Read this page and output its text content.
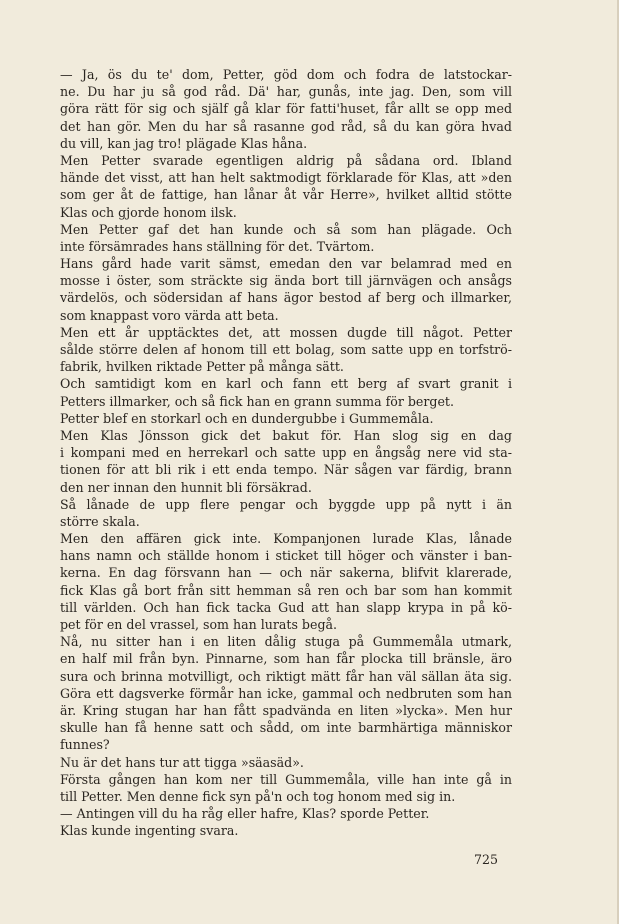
— Ja, ös du te' dom, Petter, göd dom och fodra de latstockar-
ne. Du har ju så god råd. Dä' har, gunås, inte jag. Den, som vill
göra rätt för sig och själf gå klar för fatti'huset, får allt se opp med
det han gör. Men du har så rasanne god råd, så du kan göra hvad
du vill, kan jag tro! plägade Klas håna.
Men Petter svarade egentligen aldrig på sådana ord. Ibland
hände det visst, att han helt saktmodigt förklarade för Klas, att »den
som ger åt de fattige, han lånar åt vår Herre», hvilket alltid stötte
Klas och gjorde honom ilsk.
Men Petter gaf det han kunde och så som han plägade. Och
inte försämrades hans ställning för det. Tvärtom.
Hans gård hade varit sämst, emedan den var belamrad med en
mosse i öster, som sträckte sig ända bort till järnvägen och ansågs
värdelös, och södersidan af hans ägor bestod af berg och illmarker,
som knappast voro värda att beta.
Men ett år upptäcktes det, att mossen dugde till något. Petter
sålde större delen af honom till ett bolag, som satte upp en torfströ-
fabrik, hvilken riktade Petter på många sätt.
Och samtidigt kom en karl och fann ett berg af svart granit i
Petters illmarker, och så fick han en grann summa för berget.
Petter blef en storkarl och en dundergubbe i Gummemåla.
Men Klas Jönsson gick det bakut för. Han slog sig en dag
i kompani med en herrekarl och satte upp en ångsåg nere vid sta-
tionen för att bli rik i ett enda tempo. När sågen var färdig, brann
den ner innan den hunnit bli försäkrad.
Så lånade de upp flere pengar och byggde upp på nytt i än
större skala.
Men den affären gick inte. Kompanjonen lurade Klas, lånade
hans namn och ställde honom i sticket till höger och vänster i ban-
kerna. En dag försvann han — och när sakerna, blifvit klarerade,
fick Klas gå bort från sitt hemman så ren och bar som han kommit
till världen. Och han fick tacka Gud att han slapp krypa in på kö-
pet för en del vrassel, som han lurats begå.
Nå, nu sitter han i en liten dålig stuga på Gummemåla utmark,
en half mil från byn. Pinnarne, som han får plocka till bränsle, äro
sura och brinna motvilligt, och riktigt mätt får han väl sällan äta sig.
Göra ett dagsverke förmår han icke, gammal och nedbruten som han
är. Kring stugan har han fått spadvända en liten »lycka». Men hur
skulle han få henne satt och sådd, om inte barmhärtiga människor
funnes?
Nu är det hans tur att tigga »säasäd».
Första gången han kom ner till Gummemåla, ville han inte gå in
till Petter. Men denne fick syn på'n och tog honom med sig in.
— Antingen vill du ha råg eller hafre, Klas? sporde Petter.
Klas kunde ingenting svara.
725
